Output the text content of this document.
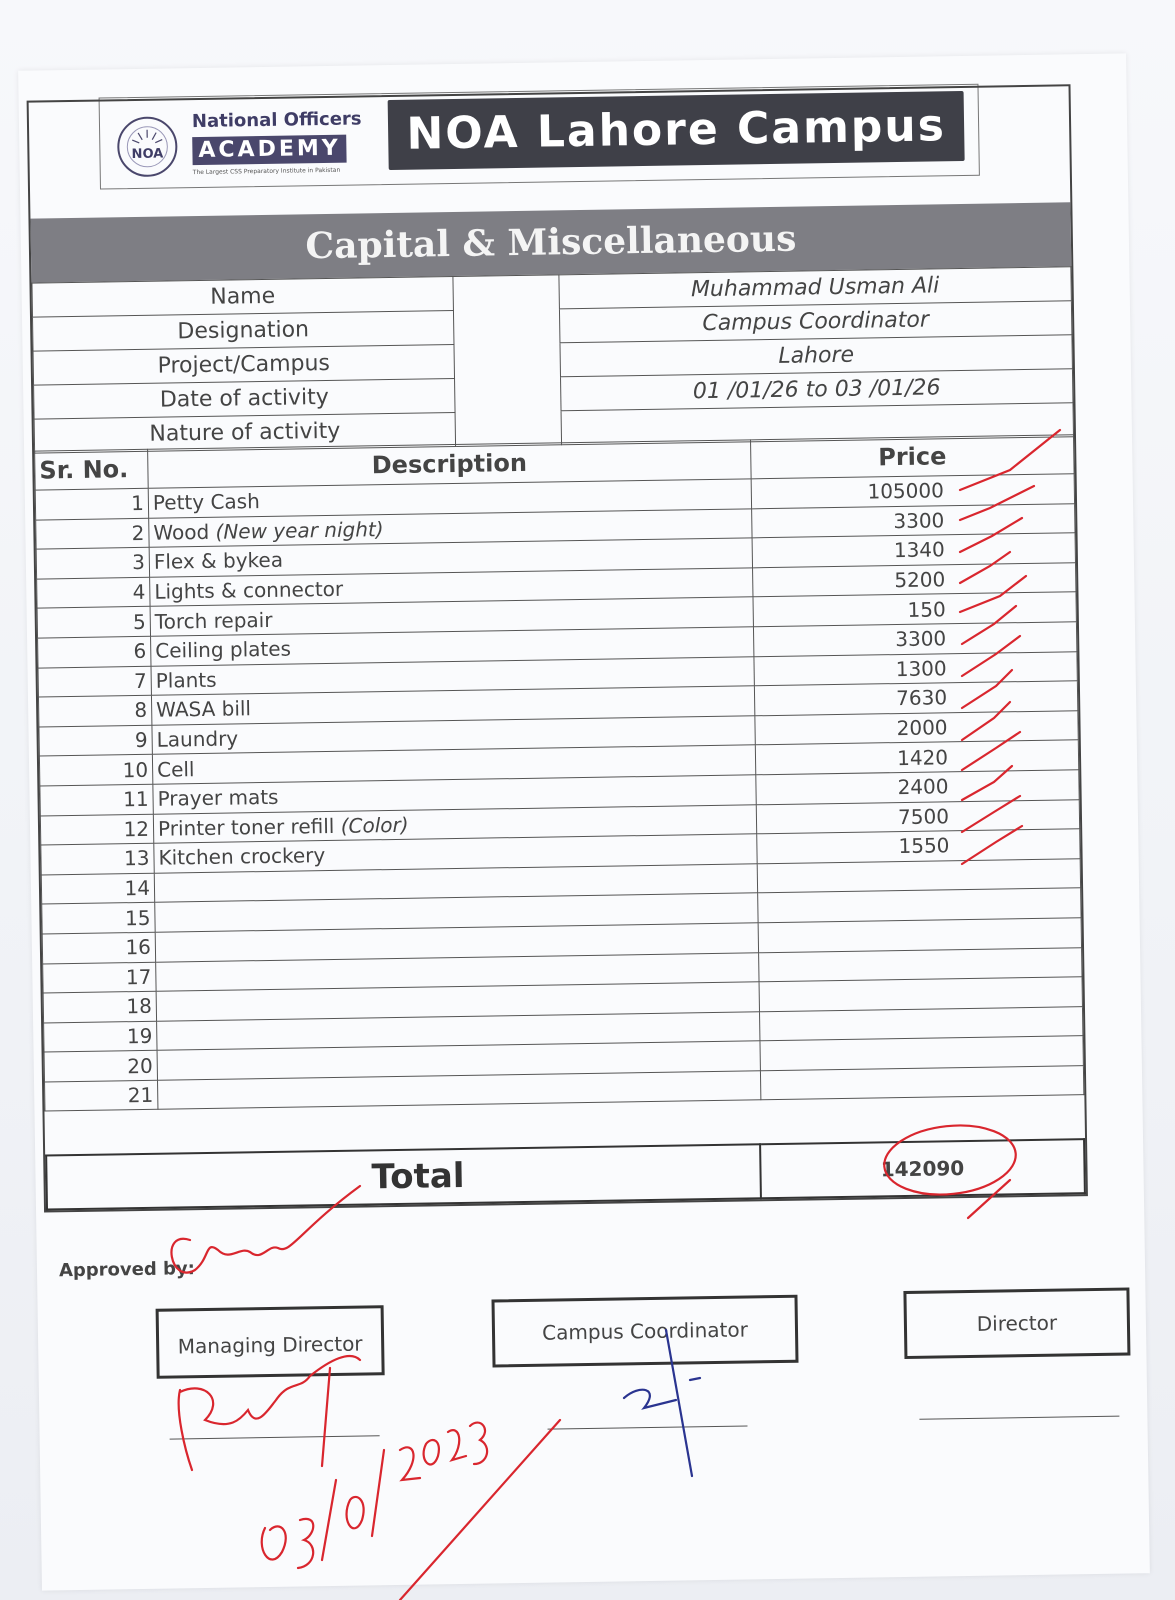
NOA
National Officers
ACADEMY
The Largest CSS Preparatory Institute in Pakistan
NOA Lahore Campus
Capital & Miscellaneous
Name		Muhammad Usman Ali
Designation		Campus Coordinator
Project/Campus		Lahore
Date of activity		01 /01/26 to 03 /01/26
Nature of activity		
Sr. No.	Description	Price
1	Petty Cash	105000
2	Wood (New year night)	3300
3	Flex & bykea	1340
4	Lights & connector	5200
5	Torch repair	150
6	Ceiling plates	3300
7	Plants	1300
8	WASA bill	7630
9	Laundry	2000
10	Cell	1420
11	Prayer mats	2400
12	Printer toner refill (Color)	7500
13	Kitchen crockery	1550
14		
15		
16		
17		
18		
19		
20		
21		
Total	142090
Approved by:
Managing Director
Campus Coordinator	Director
